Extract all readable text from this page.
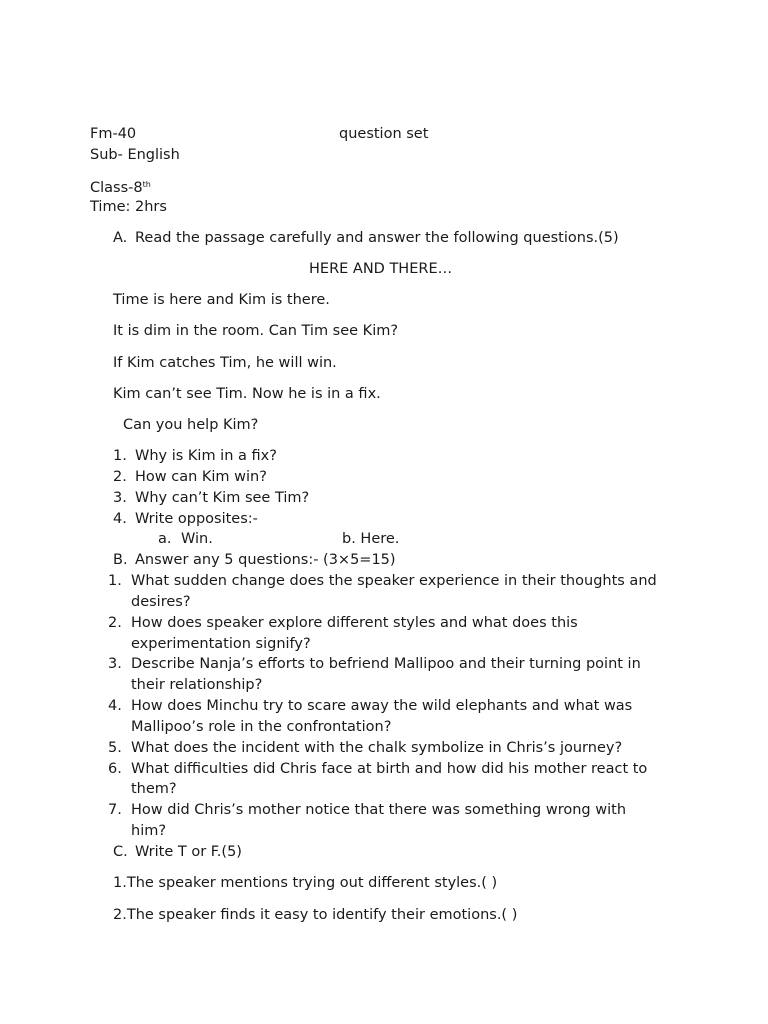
Fm-40	question set
Sub- English
Class-8th
Time: 2hrs
A. Read the passage carefully and answer the following questions.(5)
HERE AND THERE…
Time is here and Kim is there.
It is dim in the room. Can Tim see Kim?
If Kim catches Tim, he will win.
Kim can’t see Tim. Now he is in a fix.
Can you help Kim?
1. Why is Kim in a fix?
2. How can Kim win?
3. Why can’t Kim see Tim?
4. Write opposites:-
a. Win.	b. Here.
B. Answer any 5 questions:- (3×5=15)
1. What sudden change does the speaker experience in their thoughts and
desires?
2. How does speaker explore different styles and what does this
experimentation signify?
3. Describe Nanja’s efforts to befriend Mallipoo and their turning point in
their relationship?
4. How does Minchu try to scare away the wild elephants and what was
Mallipoo’s role in the confrontation?
5. What does the incident with the chalk symbolize in Chris’s journey?
6. What difficulties did Chris face at birth and how did his mother react to
them?
7. How did Chris’s mother notice that there was something wrong with
him?
C. Write T or F.(5)
1.The speaker mentions trying out different styles.( )
2.The speaker finds it easy to identify their emotions.( )
